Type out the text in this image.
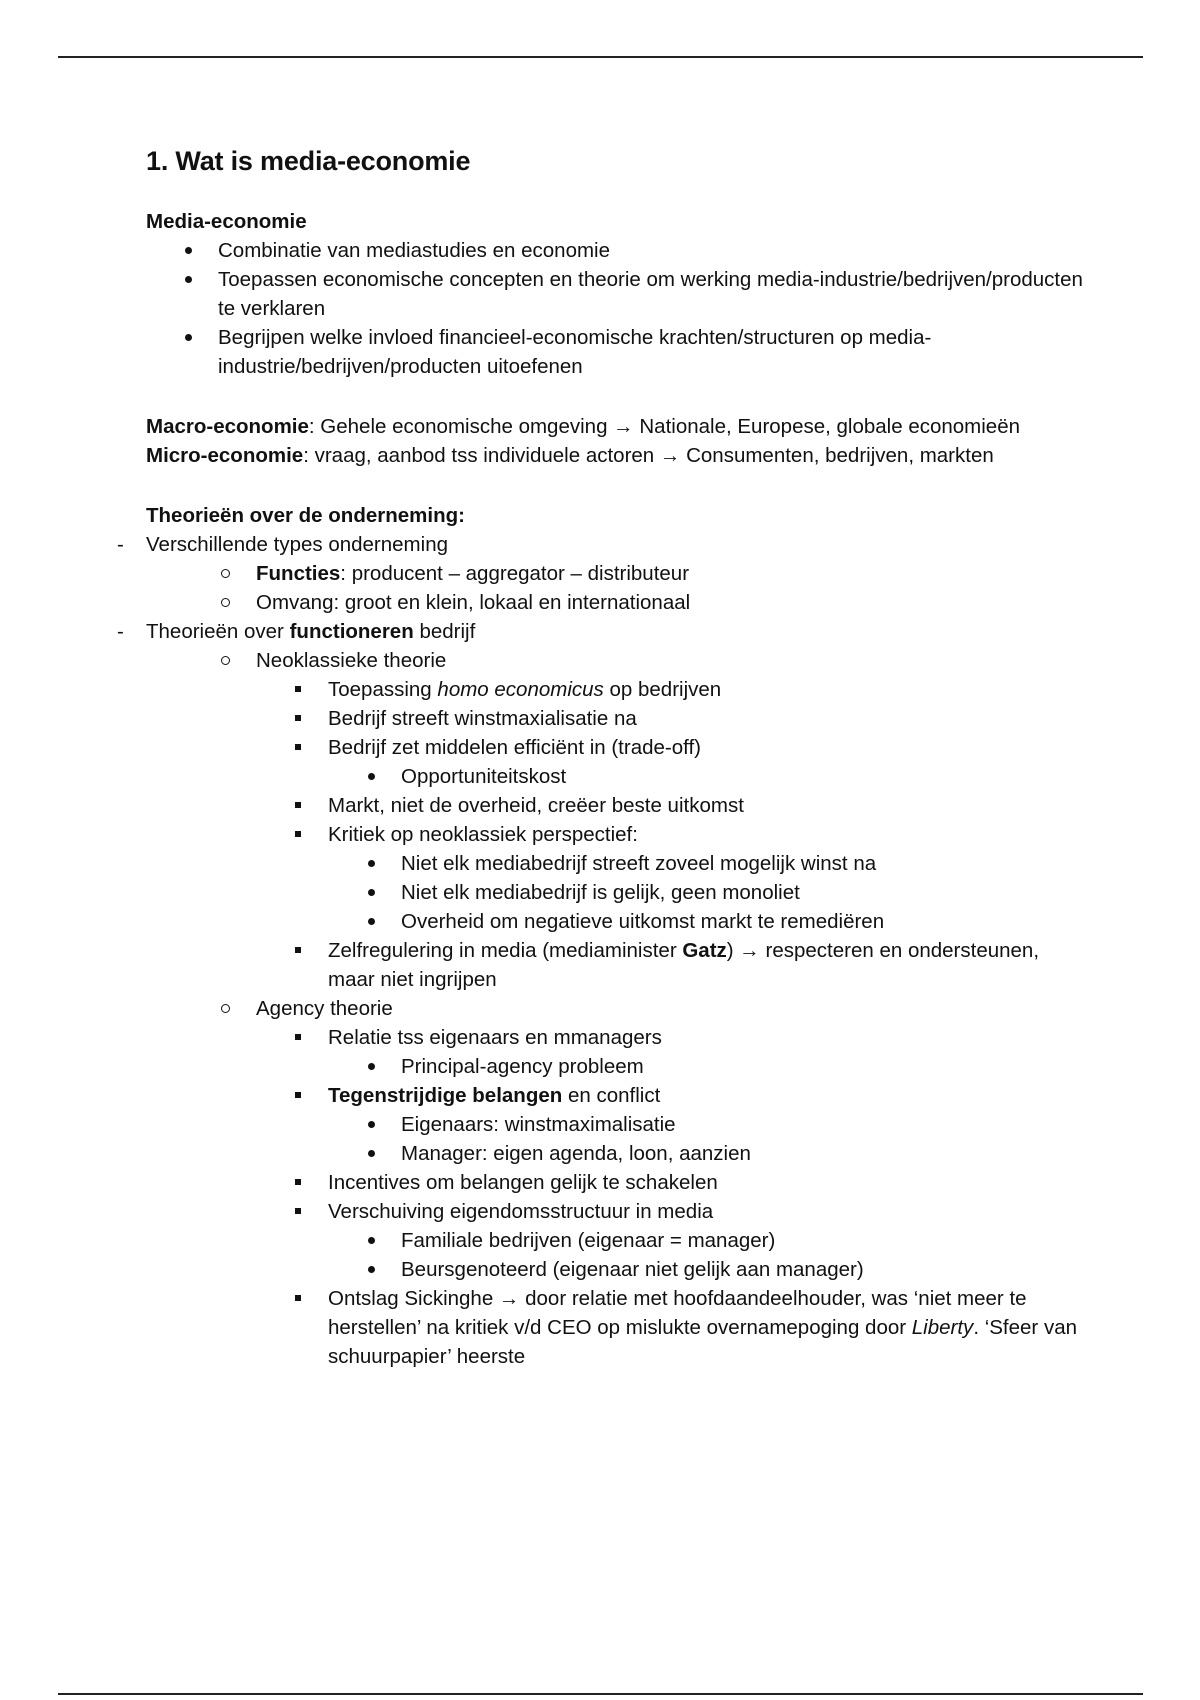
1. Wat is media-economie

Media-economie

Combinatie van mediastudies en economie
Toepassen economische concepten en theorie om werking media-industrie/bedrijven/producten te verklaren
Begrijpen welke invloed financieel-economische krachten/structuren op media-industrie/bedrijven/producten uitoefenen

Macro-economie: Gehele economische omgeving → Nationale, Europese, globale economieën

Micro-economie: vraag, aanbod tss individuele actoren → Consumenten, bedrijven, markten

Theorieën over de onderneming:

Verschillende types onderneming
Functies: producent – aggregator – distributeur
Omvang: groot en klein, lokaal en internationaal
Theorieën over functioneren bedrijf
Neoklassieke theorie
Toepassing homo economicus op bedrijven
Bedrijf streeft winstmaxialisatie na
Bedrijf zet middelen efficiënt in (trade-off)
Opportuniteitskost
Markt, niet de overheid, creëer beste uitkomst
Kritiek op neoklassiek perspectief:
Niet elk mediabedrijf streeft zoveel mogelijk winst na
Niet elk mediabedrijf is gelijk, geen monoliet
Overheid om negatieve uitkomst markt te remediëren
Zelfregulering in media (mediaminister Gatz) → respecteren en ondersteunen, maar niet ingrijpen
Agency theorie
Relatie tss eigenaars en mmanagers
Principal-agency probleem
Tegenstrijdige belangen en conflict
Eigenaars: winstmaximalisatie
Manager: eigen agenda, loon, aanzien
Incentives om belangen gelijk te schakelen
Verschuiving eigendomsstructuur in media
Familiale bedrijven (eigenaar = manager)
Beursgenoteerd (eigenaar niet gelijk aan manager)
Ontslag Sickinghe → door relatie met hoofdaandeelhouder, was ‘niet meer te herstellen’ na kritiek v/d CEO op mislukte overnamepoging door Liberty. ‘Sfeer van schuurpapier’ heerste
